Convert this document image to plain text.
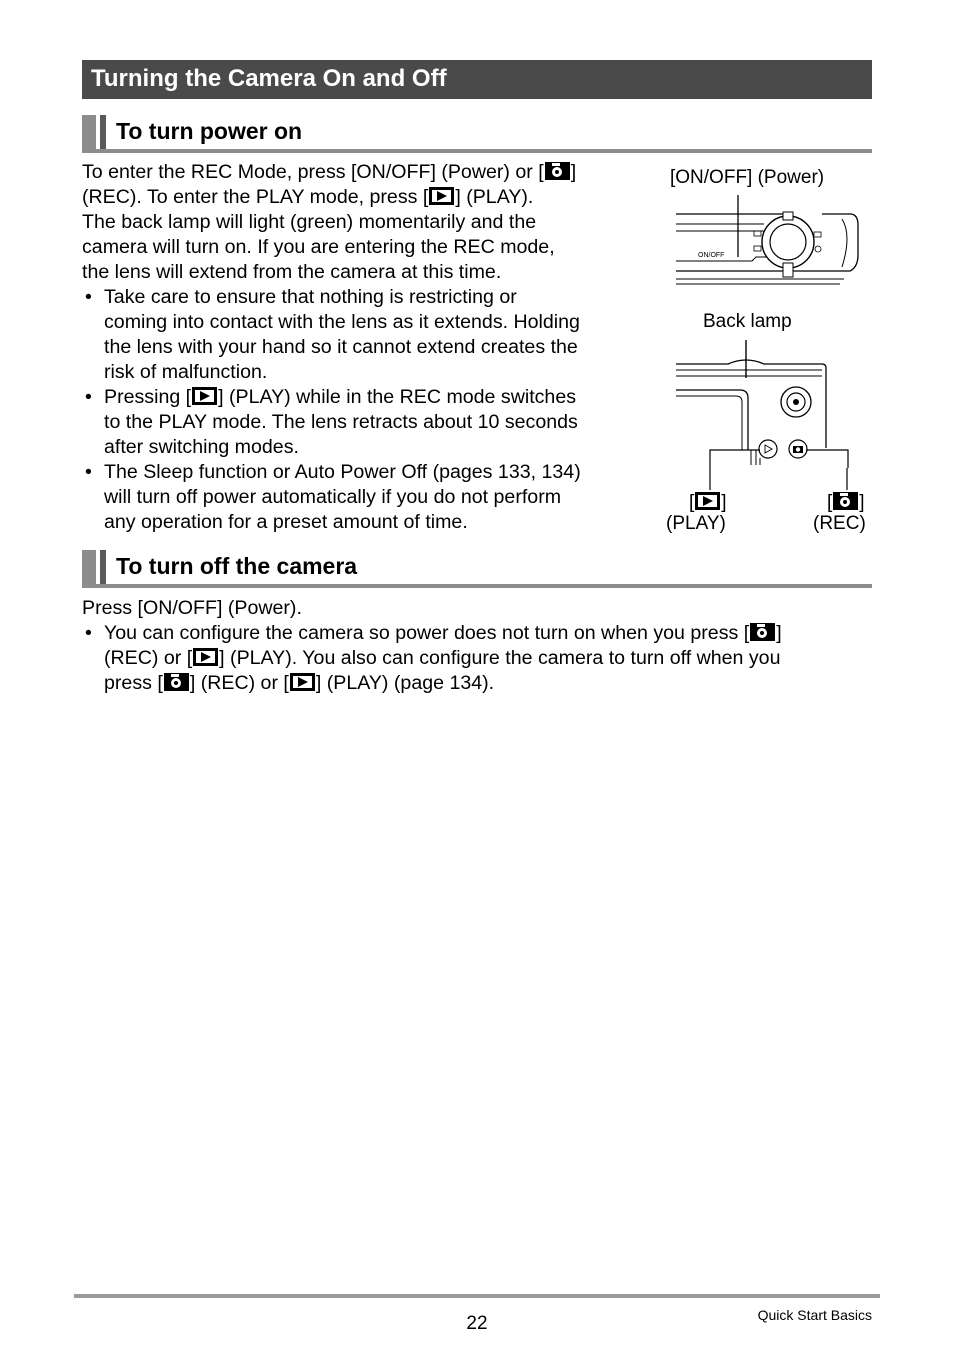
Turning the Camera On and Off
To turn power on
To enter the REC Mode, press [ON/OFF] (Power) or [ ]
(REC). To enter the PLAY mode, press [ ] (PLAY).
The back lamp will light (green) momentarily and the
camera will turn on. If you are entering the REC mode,
the lens will extend from the camera at this time.
• Take care to ensure that nothing is restricting or
coming into contact with the lens as it extends. Holding
the lens with your hand so it cannot extend creates the
risk of malfunction.
• Pressing [ ] (PLAY) while in the REC mode switches
to the PLAY mode. The lens retracts about 10 seconds
after switching modes.
• The Sleep function or Auto Power Off (pages 133, 134)
will turn off power automatically if you do not perform
any operation for a preset amount of time.
[ON/OFF] (Power)
ON/OFF
Back lamp
[ ]
(PLAY)
[ ]
(REC)
To turn off the camera
Press [ON/OFF] (Power).
• You can configure the camera so power does not turn on when you press [ ]
(REC) or [ ] (PLAY). You also can configure the camera to turn off when you
press [ ] (REC) or [ ] (PLAY) (page 134).
22	Quick Start Basics
